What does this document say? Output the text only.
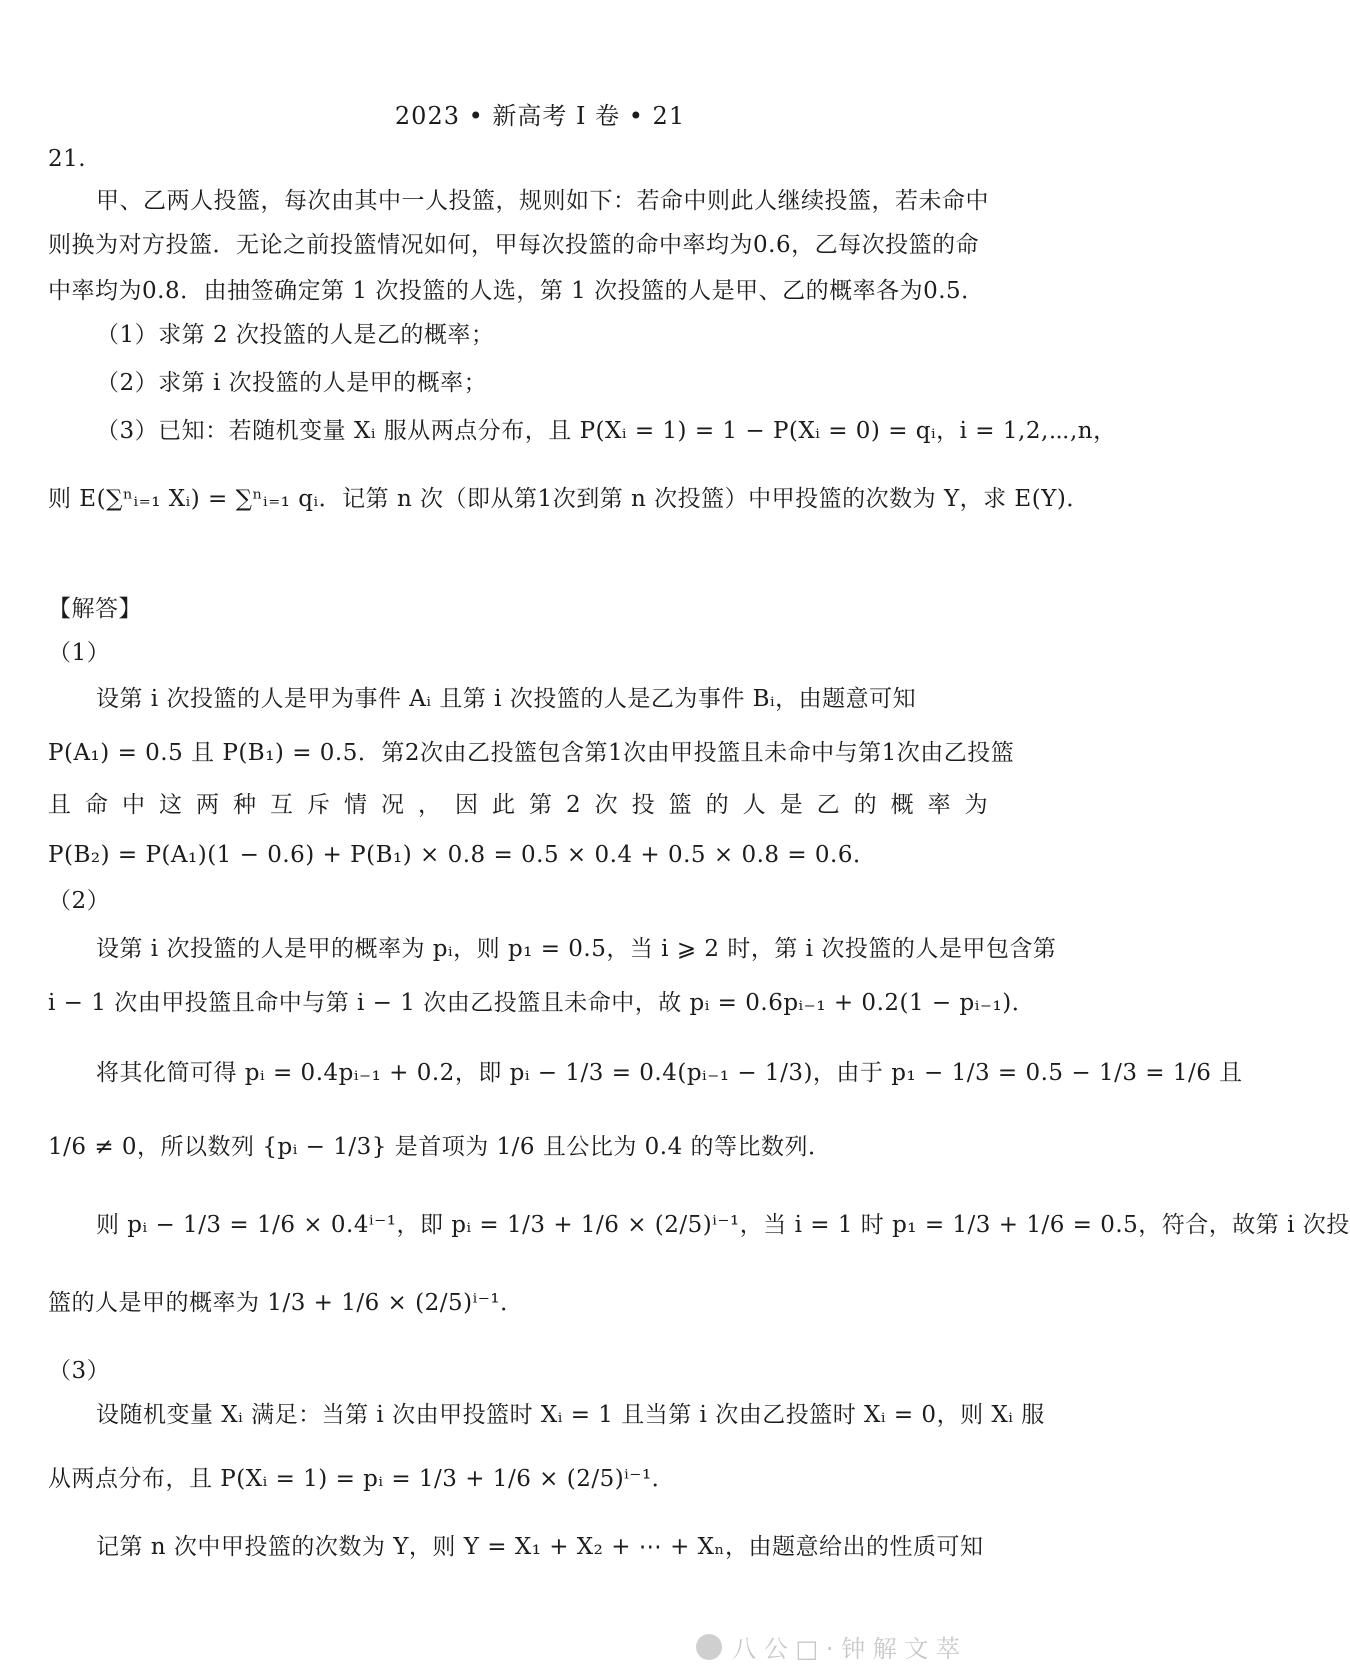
2023 • 新高考 I 卷 • 21
21.
甲、乙两人投篮，每次由其中一人投篮，规则如下：若命中则此人继续投篮，若未命中
则换为对方投篮．无论之前投篮情况如何，甲每次投篮的命中率均为0.6，乙每次投篮的命
中率均为0.8．由抽签确定第 1 次投篮的人选，第 1 次投篮的人是甲、乙的概率各为0.5．
（1）求第 2 次投篮的人是乙的概率；
（2）求第 i 次投篮的人是甲的概率；
（3）已知：若随机变量 Xᵢ 服从两点分布，且 P(Xᵢ = 1) = 1 − P(Xᵢ = 0) = qᵢ，i = 1,2,⋯,n，
则 E(∑ⁿᵢ₌₁ Xᵢ) = ∑ⁿᵢ₌₁ qᵢ．记第 n 次（即从第1次到第 n 次投篮）中甲投篮的次数为 Y，求 E(Y)．
【解答】
（1）
设第 i 次投篮的人是甲为事件 Aᵢ 且第 i 次投篮的人是乙为事件 Bᵢ，由题意可知
P(A₁) = 0.5 且 P(B₁) = 0.5．第2次由乙投篮包含第1次由甲投篮且未命中与第1次由乙投篮
且命中这两种互斥情况，因此第2次投篮的人是乙的概率为
P(B₂) = P(A₁)(1 − 0.6) + P(B₁) × 0.8 = 0.5 × 0.4 + 0.5 × 0.8 = 0.6．
（2）
设第 i 次投篮的人是甲的概率为 pᵢ，则 p₁ = 0.5，当 i ⩾ 2 时，第 i 次投篮的人是甲包含第
i − 1 次由甲投篮且命中与第 i − 1 次由乙投篮且未命中，故 pᵢ = 0.6pᵢ₋₁ + 0.2(1 − pᵢ₋₁)．
将其化简可得 pᵢ = 0.4pᵢ₋₁ + 0.2，即 pᵢ − 1/3 = 0.4(pᵢ₋₁ − 1/3)，由于 p₁ − 1/3 = 0.5 − 1/3 = 1/6 且
1/6 ≠ 0，所以数列 {pᵢ − 1/3} 是首项为 1/6 且公比为 0.4 的等比数列．
则 pᵢ − 1/3 = 1/6 × 0.4ⁱ⁻¹，即 pᵢ = 1/3 + 1/6 × (2/5)ⁱ⁻¹，当 i = 1 时 p₁ = 1/3 + 1/6 = 0.5，符合，故第 i 次投
篮的人是甲的概率为 1/3 + 1/6 × (2/5)ⁱ⁻¹．
（3）
设随机变量 Xᵢ 满足：当第 i 次由甲投篮时 Xᵢ = 1 且当第 i 次由乙投篮时 Xᵢ = 0，则 Xᵢ 服
从两点分布，且 P(Xᵢ = 1) = pᵢ = 1/3 + 1/6 × (2/5)ⁱ⁻¹．
记第 n 次中甲投篮的次数为 Y，则 Y = X₁ + X₂ + ⋯ + Xₙ，由题意给出的性质可知
八 公 □ · 钟 解 文 萃
